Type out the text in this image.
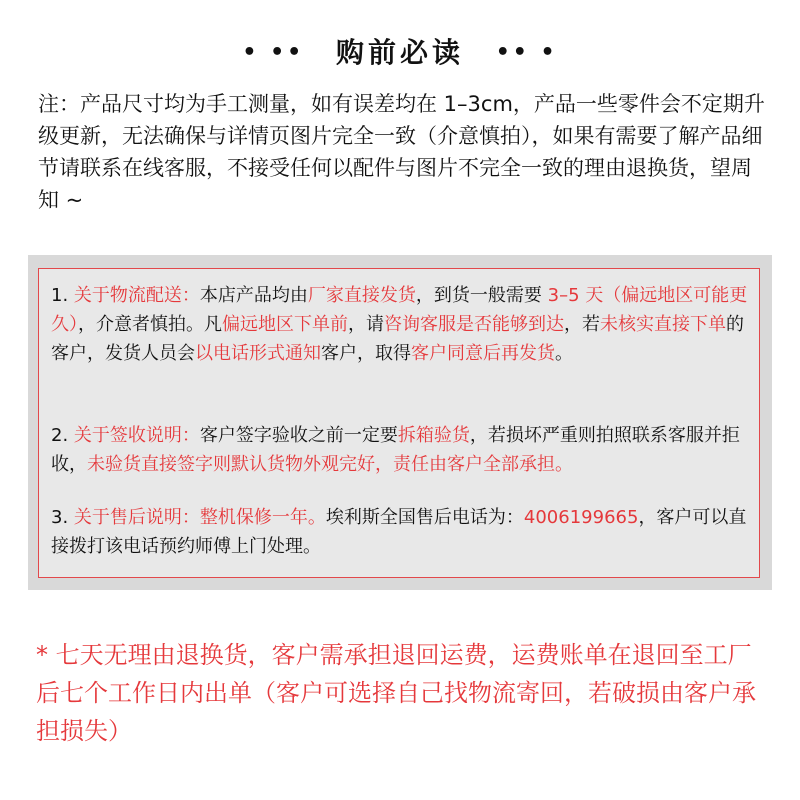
• •• 购前必读 •• •
注：产品尺寸均为手工测量，如有误差均在 1–3cm，产品一些零件会不定期升级更新，无法确保与详情页图片完全一致（介意慎拍），如果有需要了解产品细节请联系在线客服，不接受任何以配件与图片不完全一致的理由退换货，望周知 ~
1. 关于物流配送：本店产品均由厂家直接发货，到货一般需要 3–5 天（偏远地区可能更久），介意者慎拍。凡偏远地区下单前，请咨询客服是否能够到达，若未核实直接下单的客户，发货人员会以电话形式通知客户，取得客户同意后再发货。
2. 关于签收说明：客户签字验收之前一定要拆箱验货，若损坏严重则拍照联系客服并拒收，未验货直接签字则默认货物外观完好，责任由客户全部承担。
3. 关于售后说明：整机保修一年。埃利斯全国售后电话为：4006199665，客户可以直接拨打该电话预约师傅上门处理。
* 七天无理由退换货，客户需承担退回运费，运费账单在退回至工厂后七个工作日内出单（客户可选择自己找物流寄回，若破损由客户承担损失）
